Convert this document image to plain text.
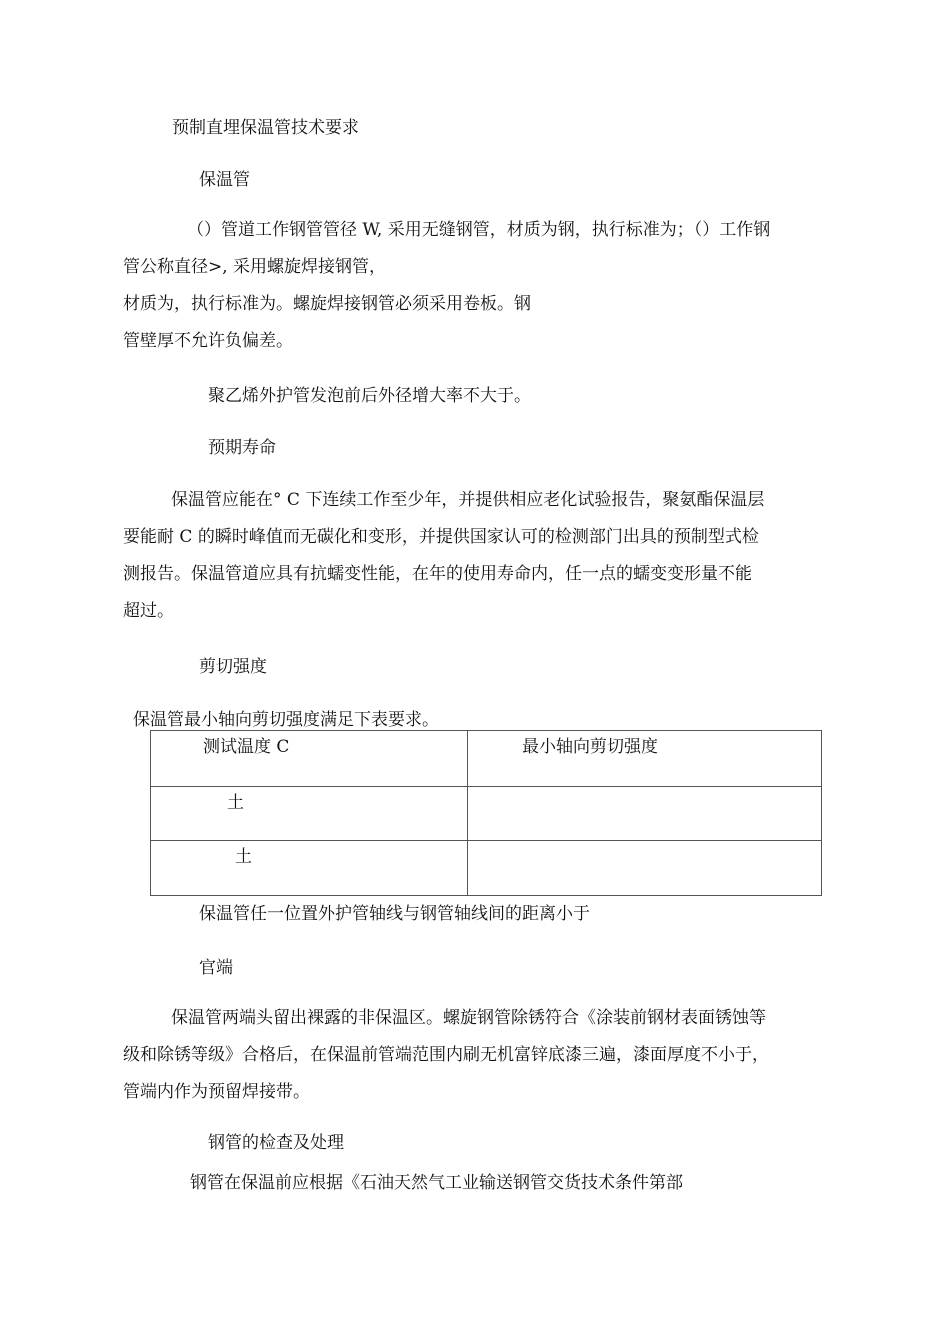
预制直埋保温管技术要求
保温管
（）管道工作钢管管径 W, 采用无缝钢管，材质为钢，执行标准为；（）工作钢
管公称直径>, 采用螺旋焊接钢管，
材质为，执行标准为。螺旋焊接钢管必须采用卷板。钢
管壁厚不允许负偏差。
聚乙烯外护管发泡前后外径增大率不大于。
预期寿命
保温管应能在° C 下连续工作至少年，并提供相应老化试验报告，聚氨酯保温层
要能耐 C 的瞬时峰值而无碳化和变形，并提供国家认可的检测部门出具的预制型式检
测报告。保温管道应具有抗蠕变性能，在年的使用寿命内，任一点的蠕变变形量不能
超过。
剪切强度
保温管最小轴向剪切强度满足下表要求。
测试温度 C	最小轴向剪切强度
土	
土	
保温管任一位置外护管轴线与钢管轴线间的距离小于
官端
保温管两端头留出裸露的非保温区。螺旋钢管除锈符合《涂装前钢材表面锈蚀等
级和除锈等级》合格后，在保温前管端范围内刷无机富锌底漆三遍，漆面厚度不小于，
管端内作为预留焊接带。
钢管的检查及处理
钢管在保温前应根据《石油天然气工业输送钢管交货技术条件第部
